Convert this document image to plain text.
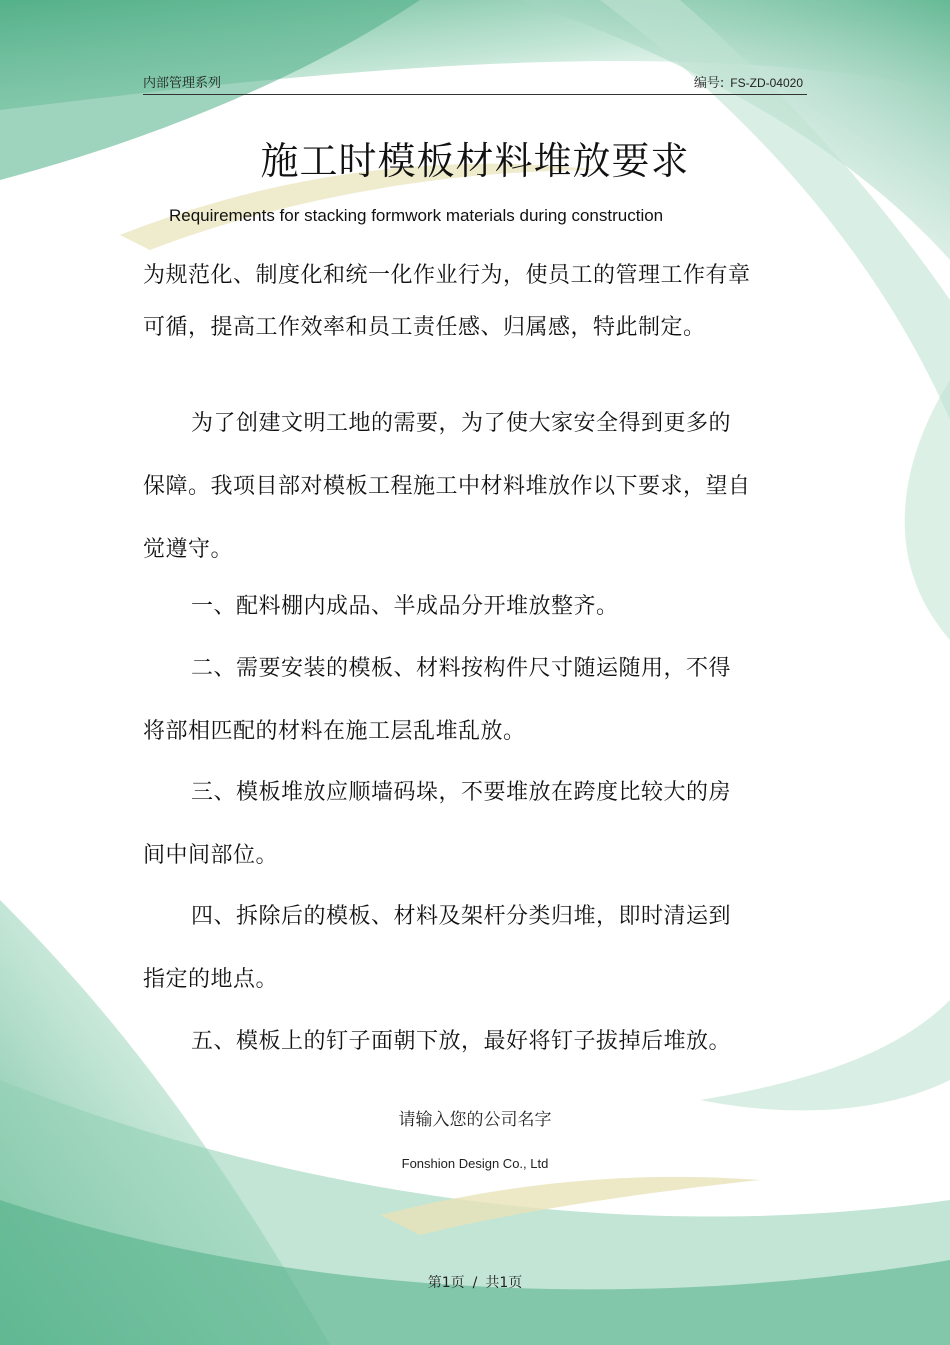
内部管理系列	编号: FS-ZD-04020
施工时模板材料堆放要求
Requirements for stacking formwork materials during construction
为规范化、制度化和统一化作业行为，使员工的管理工作有章可循，提高工作效率和员工责任感、归属感，特此制定。
为了创建文明工地的需要，为了使大家安全得到更多的保障。我项目部对模板工程施工中材料堆放作以下要求，望自觉遵守。
一、配料棚内成品、半成品分开堆放整齐。
二、需要安装的模板、材料按构件尺寸随运随用，不得将部相匹配的材料在施工层乱堆乱放。
三、模板堆放应顺墙码垛，不要堆放在跨度比较大的房间中间部位。
四、拆除后的模板、材料及架杆分类归堆，即时清运到指定的地点。
五、模板上的钉子面朝下放，最好将钉子拔掉后堆放。
请输入您的公司名字
Fonshion Design Co., Ltd
第1页 / 共1页
